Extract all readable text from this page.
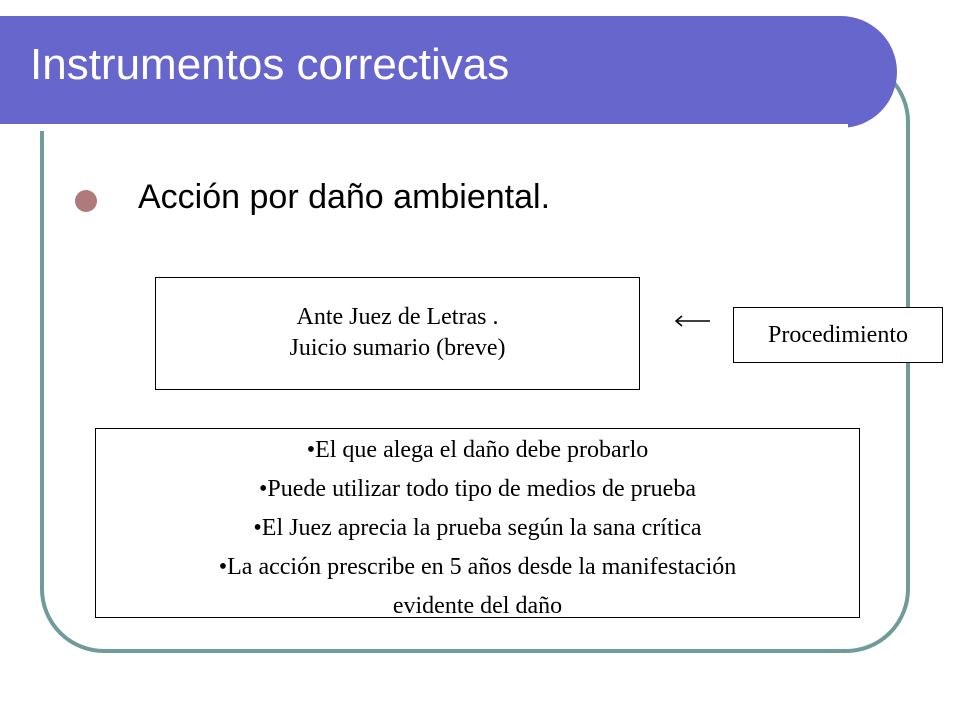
Instrumentos correctivas
Acción por daño ambiental.
Ante Juez de Letras .
Juicio sumario (breve)	Procedimiento
•El que alega el daño debe probarlo
•Puede utilizar todo tipo de medios de prueba
•El Juez aprecia la prueba según la sana crítica
•La acción prescribe en 5 años desde la manifestación
evidente del daño
